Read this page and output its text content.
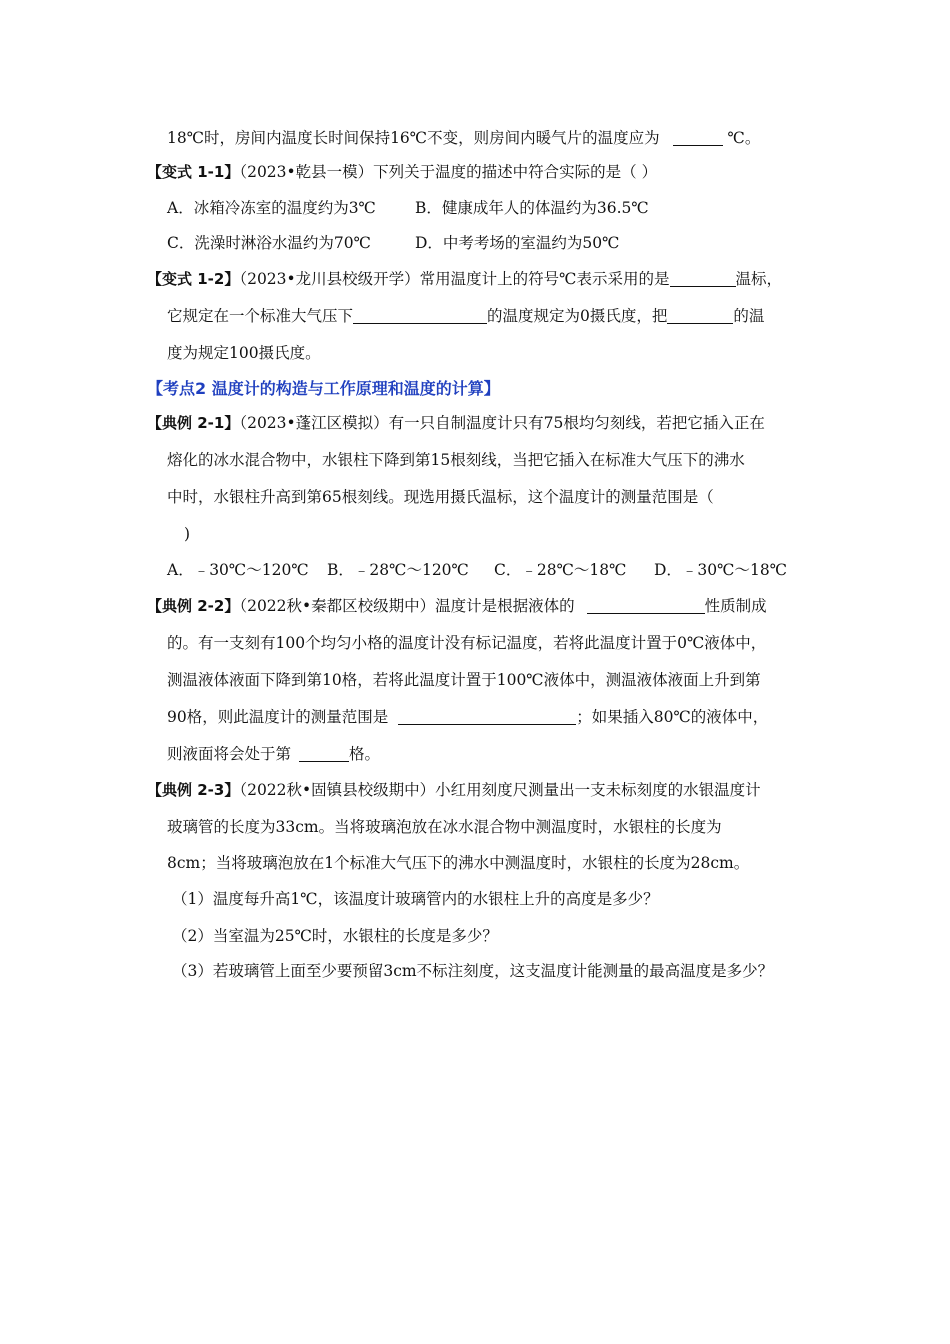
18℃时，房间内温度长时间保持16℃不变，则房间内暖气片的温度应为	℃。
【变式 1-1】（2023•乾县一模）下列关于温度的描述中符合实际的是（ ）
A．冰箱冷冻室的温度约为3℃	B．健康成年人的体温约为36.5℃
C．洗澡时淋浴水温约为70℃	D．中考考场的室温约为50℃
【变式 1-2】（2023•龙川县校级开学）常用温度计上的符号℃表示采用的是	温标，
它规定在一个标准大气压下	的温度规定为0摄氏度，把	的温
度为规定100摄氏度。
【考点2 温度计的构造与工作原理和温度的计算】
【典例 2-1】（2023•蓬江区模拟）有一只自制温度计只有75根均匀刻线，若把它插入正在
熔化的冰水混合物中，水银柱下降到第15根刻线，当把它插入在标准大气压下的沸水
中时，水银柱升高到第65根刻线。现选用摄氏温标，这个温度计的测量范围是（
)
A．﹣30℃～120℃ B．﹣28℃～120℃ C．﹣28℃～18℃ D．﹣30℃～18℃
【典例 2-2】（2022秋•秦都区校级期中）温度计是根据液体的	性质制成
的。有一支刻有100个均匀小格的温度计没有标记温度，若将此温度计置于0℃液体中，
测温液体液面下降到第10格，若将此温度计置于100℃液体中，测温液体液面上升到第
90格，则此温度计的测量范围是	；如果插入80℃的液体中，
则液面将会处于第	格。
【典例 2-3】（2022秋•固镇县校级期中）小红用刻度尺测量出一支未标刻度的水银温度计
玻璃管的长度为33cm。当将玻璃泡放在冰水混合物中测温度时，水银柱的长度为
8cm；当将玻璃泡放在1个标准大气压下的沸水中测温度时，水银柱的长度为28cm。
（1）温度每升高1℃，该温度计玻璃管内的水银柱上升的高度是多少？
（2）当室温为25℃时，水银柱的长度是多少？
（3）若玻璃管上面至少要预留3cm不标注刻度，这支温度计能测量的最高温度是多少？
